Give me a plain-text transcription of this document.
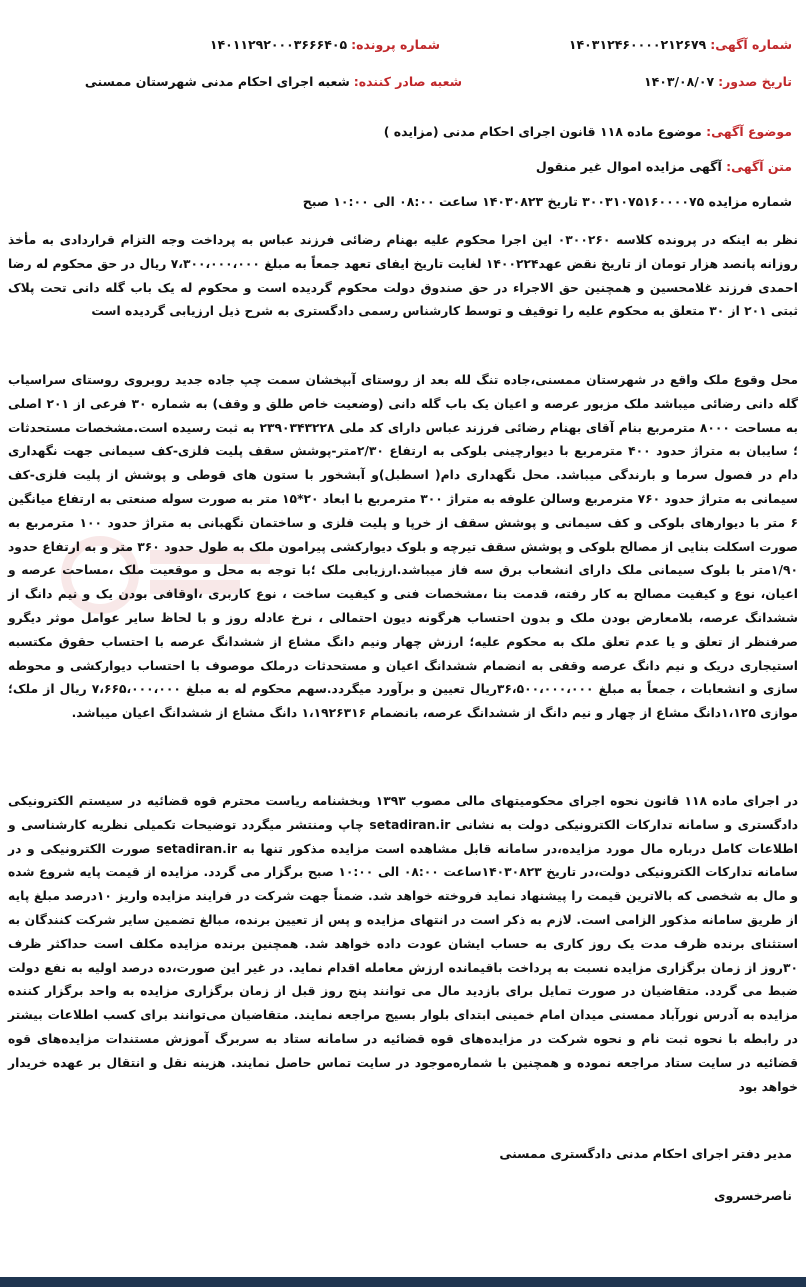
شماره آگهی: ۱۴۰۳۱۲۴۶۰۰۰۰۲۱۲۶۷۹
شماره پرونده: ۱۴۰۱۱۲۹۲۰۰۰۳۶۶۶۴۰۵
تاریخ صدور: ۱۴۰۳/۰۸/۰۷
شعبه صادر کننده: شعبه اجرای احکام مدنی شهرستان ممسنی
موضوع آگهی: موضوع ماده ۱۱۸ قانون اجرای احکام مدنی (مزایده )
متن آگهی: آگهی مزایده اموال غیر منقول
شماره مزایده ۳۰۰۳۱۰۷۵۱۶۰۰۰۰۷۵ تاریخ ۱۴۰۳۰۸۲۳ ساعت ۰۸:۰۰ الی ۱۰:۰۰ صبح
نظر به اینکه در پرونده کلاسه ۰۳۰۰۲۶۰ این اجرا محکوم علیه بهنام رضائی فرزند عباس به پرداخت وجه التزام قراردادی به مأخذ روزانه پانصد هزار تومان از تاریخ نقض عهد۱۴۰۰۲۲۴ لغایت تاریخ ایفای تعهد جمعاً به مبلغ ۷،۳۰۰،۰۰۰،۰۰۰ ریال در حق محکوم له رضا احمدی فرزند غلامحسین و همچنین حق الاجراء در حق صندوق دولت محکوم گردیده است و محکوم له یک باب گله دانی تحت پلاک ثبتی ۲۰۱ از ۳۰ متعلق به محکوم علیه را توقیف و توسط کارشناس رسمی دادگستری به شرح ذیل ارزیابی گردیده است
محل وقوع ملک واقع در شهرستان ممسنی،جاده تنگ لله بعد از روستای آبپخشان سمت چپ جاده جدید روبروی روستای سراسیاب گله دانی رضائی میباشد ملک مزبور عرصه و اعیان یک باب گله دانی (وضعیت خاص طلق و وقف) به شماره ۳۰ فرعی از ۲۰۱ اصلی به مساحت ۸۰۰۰ مترمربع بنام آقای بهنام رضائی فرزند عباس دارای کد ملی ۲۳۹۰۳۴۳۲۲۸ به ثبت رسیده است.مشخصات مستحدثات ؛ سایبان به متراژ حدود ۴۰۰ مترمربع با دیوارچینی بلوکی به ارتفاع ۲/۳۰متر-پوشش سقف پلیت فلزی-کف سیمانی جهت نگهداری دام در فصول سرما و بارندگی میباشد. محل نگهداری دام( اسطبل)و آبشخور با ستون های قوطی و پوشش از پلیت فلزی-کف سیمانی به متراژ حدود ۷۶۰ مترمربع وسالن علوفه به متراژ ۳۰۰ مترمربع با ابعاد ۲۰*۱۵ متر به صورت سوله صنعتی به ارتفاع میانگین ۶ متر با دیوارهای بلوکی و کف سیمانی و پوشش سقف از خرپا و پلیت فلزی و ساختمان نگهبانی به متراژ حدود ۱۰۰ مترمربع به صورت اسکلت بنایی از مصالح بلوکی و پوشش سقف تیرچه و بلوک دیوارکشی پیرامون ملک به طول حدود ۳۶۰ متر و به ارتفاع حدود ۱/۹۰متر با بلوک سیمانی ملک دارای انشعاب برق سه فاز میباشد.ارزیابی ملک ؛با توجه به محل و موقعیت ملک ،مساحت عرصه و اعیان، نوع و کیفیت مصالح به کار رفته، قدمت بنا ،مشخصات فنی و کیفیت ساخت ، نوع کاربری ،اوقافی بودن یک و نیم دانگ از ششدانگ عرصه، بلامعارض بودن ملک و بدون احتساب هرگونه دیون احتمالی ، نرخ عادله روز و با لحاظ سایر عوامل موثر دیگرو صرفنظر از تعلق و یا عدم تعلق ملک به محکوم علیه؛ ارزش چهار ونیم دانگ مشاع از ششدانگ عرصه با احتساب حقوق مکتسبه استیجاری دریک و نیم دانگ عرصه وقفی به انضمام ششدانگ اعیان و مستحدثات درملک موصوف با احتساب دیوارکشی و محوطه سازی و انشعابات ، جمعاً به مبلغ ۳۶،۵۰۰،۰۰۰،۰۰۰ریال تعیین و برآورد میگردد.سهم محکوم له به مبلغ ۷،۶۶۵،۰۰۰،۰۰۰ ریال از ملک؛ موازی ۱،۱۲۵دانگ مشاع از چهار و نیم دانگ از ششدانگ عرصه، بانضمام ۱،۱۹۲۶۳۱۶ دانگ مشاع از ششدانگ اعیان میباشد.
در اجرای ماده ۱۱۸ قانون نحوه اجرای محکومیتهای مالی مصوب ۱۳۹۳ وبخشنامه ریاست محترم قوه قضائیه در سیستم الکترونیکی دادگستری و سامانه تدارکات الکترونیکی دولت به نشانی setadiran.ir چاپ ومنتشر میگردد توضیحات تکمیلی نظریه کارشناسی و اطلاعات کامل درباره مال مورد مزایده،در سامانه قابل مشاهده است مزایده مذکور تنها به setadiran.ir صورت الکترونیکی و در سامانه تدارکات الکترونیکی دولت،در تاریخ ۱۴۰۳۰۸۲۳ساعت ۰۸:۰۰ الی ۱۰:۰۰ صبح برگزار می گردد. مزایده از قیمت پایه شروع شده و مال به شخصی که بالاترین قیمت را پیشنهاد نماید فروخته خواهد شد. ضمناً جهت شرکت در فرایند مزایده واریز ۱۰درصد مبلغ پایه از طریق سامانه مذکور الزامی است. لازم به ذکر است در انتهای مزایده و پس از تعیین برنده، مبالغ تضمین سایر شرکت کنندگان به استثنای برنده ظرف مدت یک روز کاری به حساب ایشان عودت داده خواهد شد. همچنین برنده مزایده مکلف است حداکثر ظرف ۳۰روز از زمان برگزاری مزایده نسبت به پرداخت باقیمانده ارزش معامله اقدام نماید. در غیر این صورت،ده درصد اولیه به نفع دولت ضبط می گردد. متقاضیان در صورت تمایل برای بازدید مال می توانند پنج روز قبل از زمان برگزاری مزایده به واحد برگزار کننده مزایده به آدرس نورآباد ممسنی میدان امام خمینی ابتدای بلوار بسیج مراجعه نمایند. متقاضیان می‌توانند برای کسب اطلاعات بیشتر در رابطه با نحوه ثبت نام و نحوه شرکت در مزایده‌های قوه قضائیه در سامانه ستاد به سربرگ آموزش مستندات مزایده‌های قوه قضائیه در سایت ستاد مراجعه نموده و همچنین با شماره‌موجود در سایت تماس حاصل نمایند. هزینه نقل و انتقال بر عهده خریدار خواهد بود
مدیر دفتر اجرای احکام مدنی دادگستری ممسنی
ناصرخسروی
